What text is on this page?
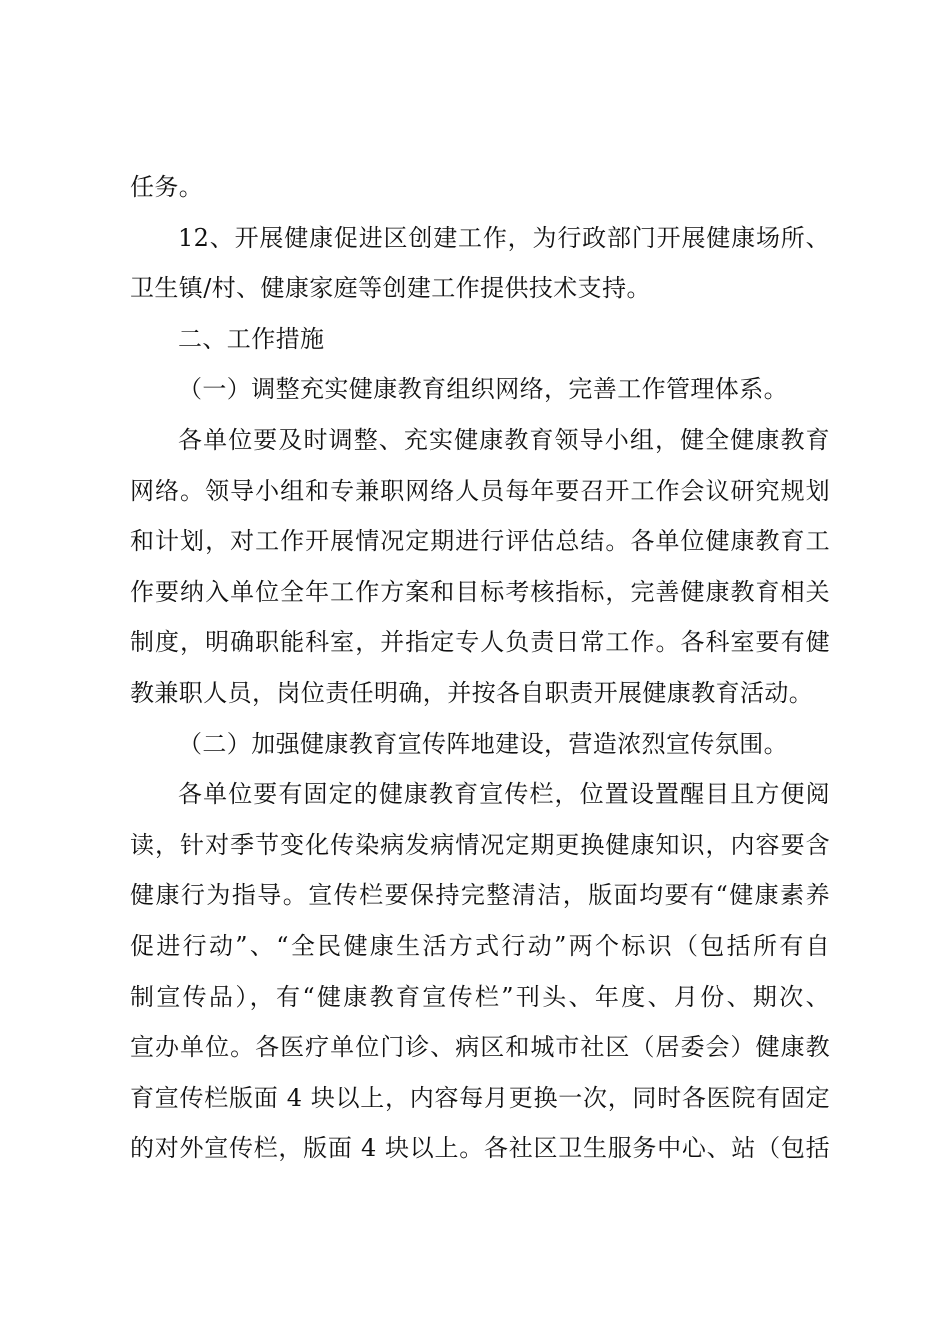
任务。

12、开展健康促进区创建工作，为行政部门开展健康场所、
卫生镇/村、健康家庭等创建工作提供技术支持。

二、工作措施

（一）调整充实健康教育组织网络，完善工作管理体系。

各单位要及时调整、充实健康教育领导小组，健全健康教育
网络。领导小组和专兼职网络人员每年要召开工作会议研究规划
和计划，对工作开展情况定期进行评估总结。各单位健康教育工
作要纳入单位全年工作方案和目标考核指标，完善健康教育相关
制度，明确职能科室，并指定专人负责日常工作。各科室要有健
教兼职人员，岗位责任明确，并按各自职责开展健康教育活动。

（二）加强健康教育宣传阵地建设，营造浓烈宣传氛围。

各单位要有固定的健康教育宣传栏，位置设置醒目且方便阅
读，针对季节变化传染病发病情况定期更换健康知识，内容要含
健康行为指导。宣传栏要保持完整清洁，版面均要有“健康素养
促进行动”、“全民健康生活方式行动”两个标识（包括所有自
制宣传品），有“健康教育宣传栏”刊头、年度、月份、期次、
宣办单位。各医疗单位门诊、病区和城市社区（居委会）健康教
育宣传栏版面 4 块以上，内容每月更换一次，同时各医院有固定
的对外宣传栏，版面 4 块以上。各社区卫生服务中心、站（包括
